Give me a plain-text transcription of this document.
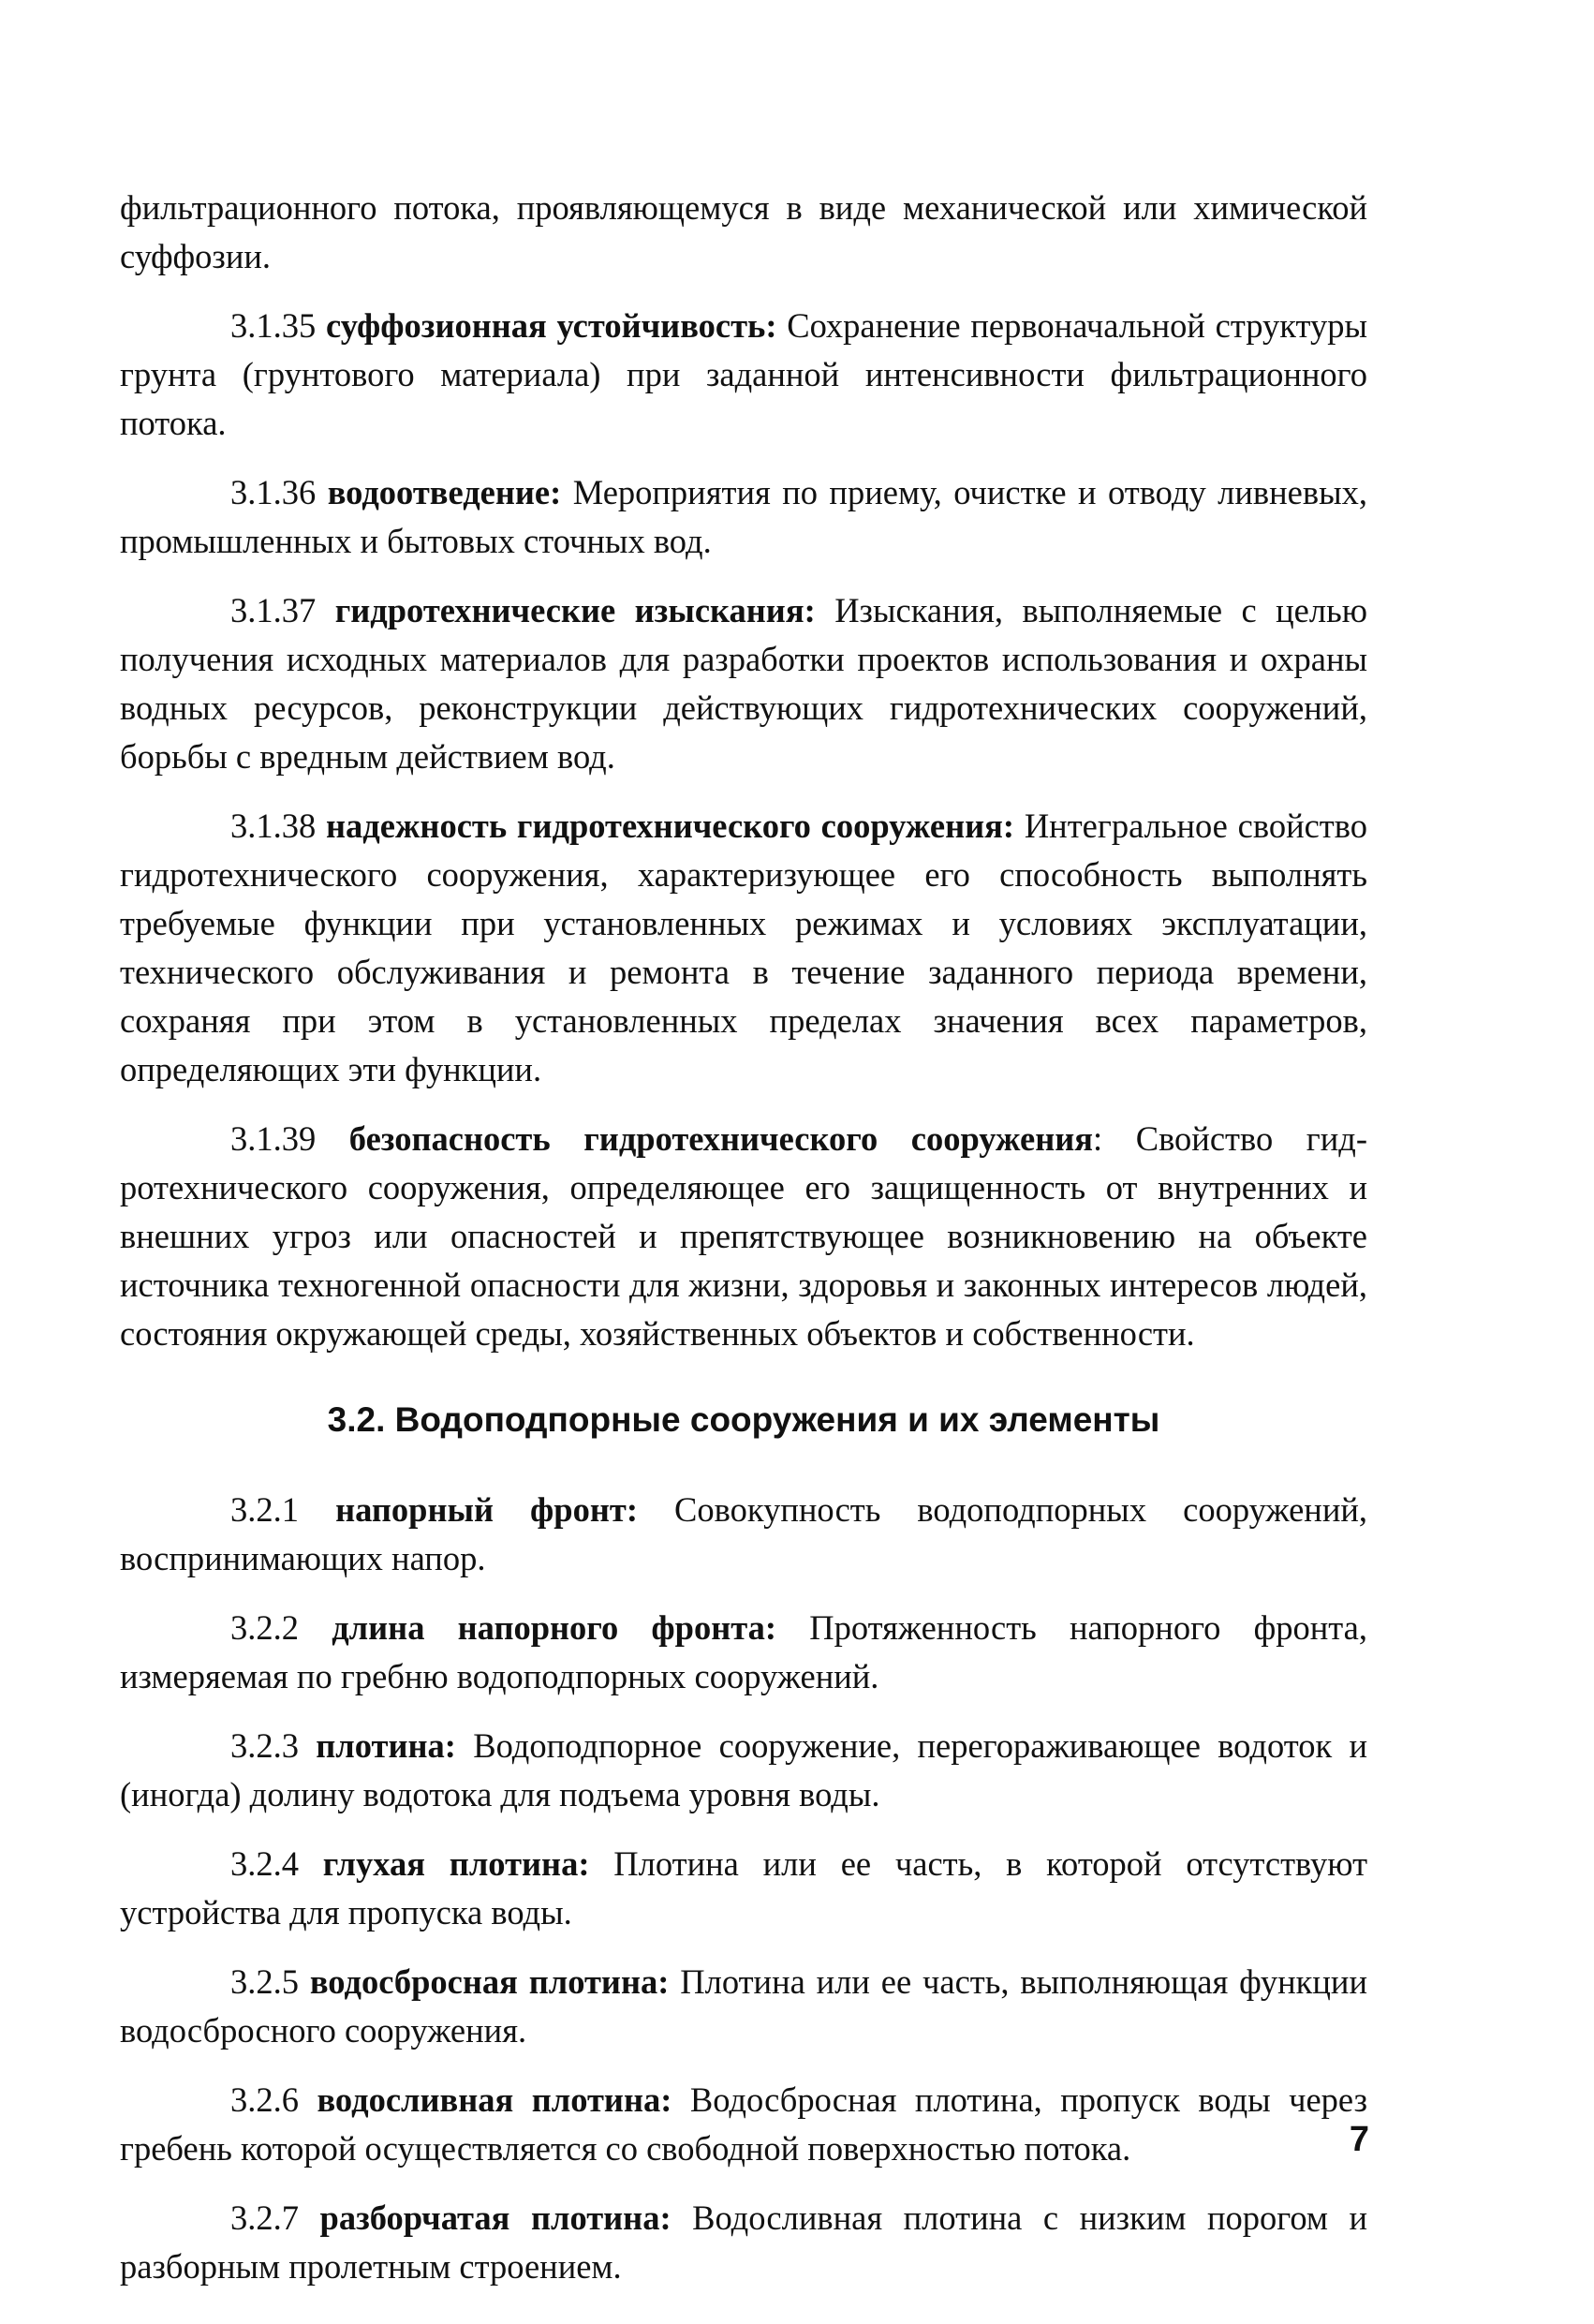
фильтрационного потока, проявляющемуся в виде механической или химической суффозии.

3.1.35 суффозионная устойчивость: Сохранение первоначальной структуры грунта (грунтового материала) при заданной интенсивности фильтрационного потока.

3.1.36 водоотведение: Мероприятия по приему, очистке и отводу ливневых, промышленных и бытовых сточных вод.

3.1.37 гидротехнические изыскания: Изыскания, выполняемые с целью получения исходных материалов для разработки проектов использования и охраны водных ресурсов, реконструкции действующих гидротехнических сооружений, борьбы с вредным действием вод.

3.1.38 надежность гидротехнического сооружения: Интегральное свойство гидротехнического сооружения, характеризующее его способность выполнять требуемые функции при установленных режимах и условиях эксплуатации, технического обслуживания и ремонта в течение заданного периода времени, сохраняя при этом в установленных пределах значения всех параметров, определяющих эти функции.

3.1.39 безопасность гидротехнического сооружения: Свойство гидротехнического сооружения, определяющее его защищенность от внутренних и внешних угроз или опасностей и препятствующее возникновению на объекте источника техногенной опасности для жизни, здоровья и законных интересов людей, состояния окружающей среды, хозяйственных объектов и собственности.

3.2. Водоподпорные сооружения и их элементы

3.2.1 напорный фронт: Совокупность водоподпорных сооружений, воспринимающих напор.

3.2.2 длина напорного фронта: Протяженность напорного фронта, измеряемая по гребню водоподпорных сооружений.

3.2.3 плотина: Водоподпорное сооружение, перегораживающее водоток и (иногда) долину водотока для подъема уровня воды.

3.2.4 глухая плотина: Плотина или ее часть, в которой отсутствуют устройства для пропуска воды.

3.2.5 водосбросная плотина: Плотина или ее часть, выполняющая функции водосбросного сооружения.

3.2.6 водосливная плотина: Водосбросная плотина, пропуск воды через гребень которой осуществляется со свободной поверхностью потока.

3.2.7 разборчатая плотина: Водосливная плотина с низким порогом и разборным пролетным строением.

7
